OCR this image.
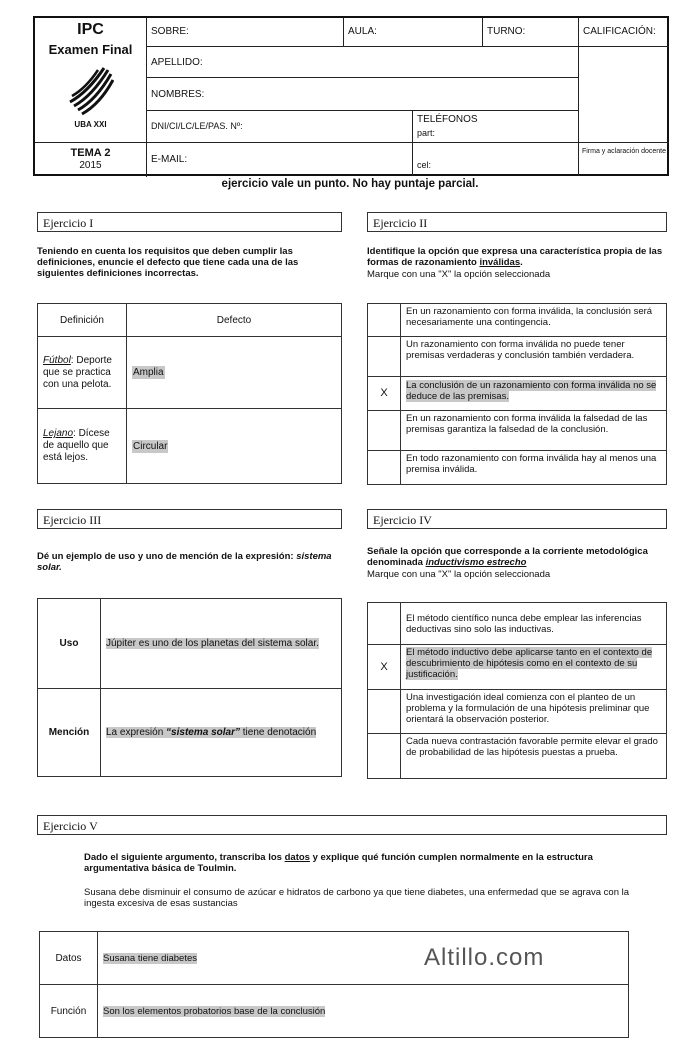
IPC
Examen Final
UBA XXI
TEMA 2
2015
SOBRE:	AULA:	TURNO:	CALIFICACIÓN:
APELLIDO:
NOMBRES:
DNI/CI/LC/LE/PAS. Nº:
TELÉFONOS
part:
E-MAIL:	cel:
Firma y aclaración docente
ejercicio vale un punto. No hay puntaje parcial.
Ejercicio I
Teniendo en cuenta los requisitos que deben cumplir las definiciones, enuncie el defecto que tiene cada una de las siguientes definiciones incorrectas.
Definición	Defecto
Fútbol: Deporte que se practica con una pelota.	Amplia
Lejano: Dícese de aquello que está lejos.	Circular
Ejercicio II
Identifique la opción que expresa una característica propia de las formas de razonamiento inválidas.
Marque con una "X" la opción seleccionada
	En un razonamiento con forma inválida, la conclusión será necesariamente una contingencia.
	Un razonamiento con forma inválida no puede tener premisas verdaderas y conclusión también verdadera.
X	La conclusión de un razonamiento con forma inválida no se deduce de las premisas.
	En un razonamiento con forma inválida la falsedad de las premisas garantiza la falsedad de la conclusión.
	En todo razonamiento con forma inválida hay al menos una premisa inválida.
Ejercicio III
Dé un ejemplo de uso y uno de mención de la expresión: sistema solar.
Uso	Júpiter es uno de los planetas del sistema solar.
Mención	La expresión “sistema solar” tiene denotación
Ejercicio IV
Señale la opción que corresponde a la corriente metodológica denominada inductivismo estrecho
Marque con una "X" la opción seleccionada
	El método científico nunca debe emplear las inferencias deductivas sino solo las inductivas.
X	El método inductivo debe aplicarse tanto en el contexto de descubrimiento de hipótesis como en el contexto de su justificación.
	Una investigación ideal comienza con el planteo de un problema y la formulación de una hipótesis preliminar que orientará la observación posterior.
	Cada nueva contrastación favorable permite elevar el grado de probabilidad de las hipótesis puestas a prueba.
Ejercicio V
Dado el siguiente argumento, transcriba los datos y explique qué función cumplen normalmente en la estructura argumentativa básica de Toulmin.
Susana debe disminuir el consumo de azúcar e hidratos de carbono ya que tiene diabetes, una enfermedad que se agrava con la ingesta excesiva de esas sustancias
Datos	Susana tiene diabetes
Función	Son los elementos probatorios base de la conclusión
Altillo.com
